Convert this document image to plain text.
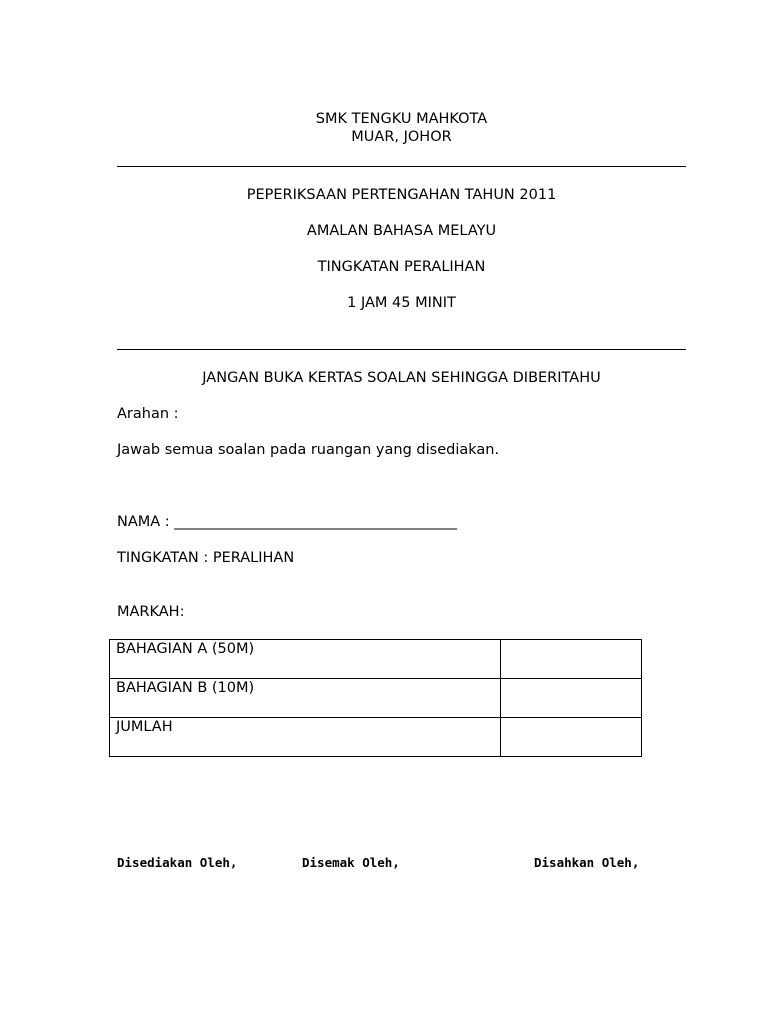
SMK TENGKU MAHKOTA
MUAR, JOHOR
PEPERIKSAAN PERTENGAHAN TAHUN 2011
AMALAN BAHASA MELAYU
TINGKATAN PERALIHAN
1 JAM 45 MINIT
JANGAN BUKA KERTAS SOALAN SEHINGGA DIBERITAHU
Arahan :
Jawab semua soalan pada ruangan yang disediakan.
NAMA : _______________________________________
TINGKATAN : PERALIHAN
MARKAH:
BAHAGIAN A (50M)	
BAHAGIAN B (10M)	
JUMLAH	
Disediakan Oleh,	Disemak Oleh,	Disahkan Oleh,
